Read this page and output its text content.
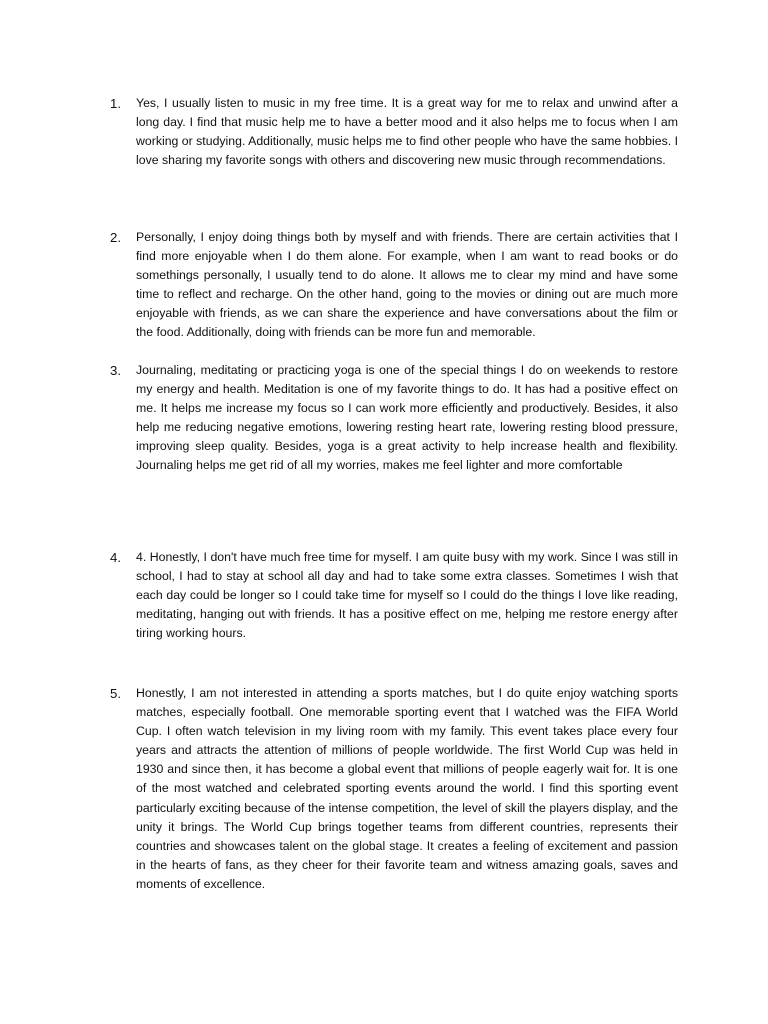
1.	Yes, I usually listen to music in my free time. It is a great way for me to relax and unwind after a long day. I find that music help me to have a better mood and it also helps me to focus when I am working or studying. Additionally, music helps me to find other people who have the same hobbies. I love sharing my favorite songs with others and discovering new music through recommendations.

2.	Personally, I enjoy doing things both by myself and with friends. There are certain activities that I find more enjoyable when I do them alone. For example, when I am want to read books or do somethings personally, I usually tend to do alone. It allows me to clear my mind and have some time to reflect and recharge. On the other hand, going to the movies or dining out are much more enjoyable with friends, as we can share the experience and have conversations about the film or the food. Additionally, doing with friends can be more fun and memorable.

3.	Journaling, meditating or practicing yoga is one of the special things I do on weekends to restore my energy and health. Meditation is one of my favorite things to do. It has had a positive effect on me. It helps me increase my focus so I can work more efficiently and productively. Besides, it also help me reducing negative emotions, lowering resting heart rate, lowering resting blood pressure, improving sleep quality. Besides, yoga is a great activity to help increase health and flexibility. Journaling helps me get rid of all my worries, makes me feel lighter and more comfortable

4.	4. Honestly, I don't have much free time for myself. I am quite busy with my work. Since I was still in school, I had to stay at school all day and had to take some extra classes. Sometimes I wish that each day could be longer so I could take time for myself so I could do the things I love like reading, meditating, hanging out with friends. It has a positive effect on me, helping me restore energy after tiring working hours.

5.	Honestly, I am not interested in attending a sports matches, but I do quite enjoy watching sports matches, especially football. One memorable sporting event that I watched was the FIFA World Cup. I often watch television in my living room with my family. This event takes place every four years and attracts the attention of millions of people worldwide. The first World Cup was held in 1930 and since then, it has become a global event that millions of people eagerly wait for. It is one of the most watched and celebrated sporting events around the world. I find this sporting event particularly exciting because of the intense competition, the level of skill the players display, and the unity it brings. The World Cup brings together teams from different countries, represents their countries and showcases talent on the global stage. It creates a feeling of excitement and passion in the hearts of fans, as they cheer for their favorite team and witness amazing goals, saves and moments of excellence.
